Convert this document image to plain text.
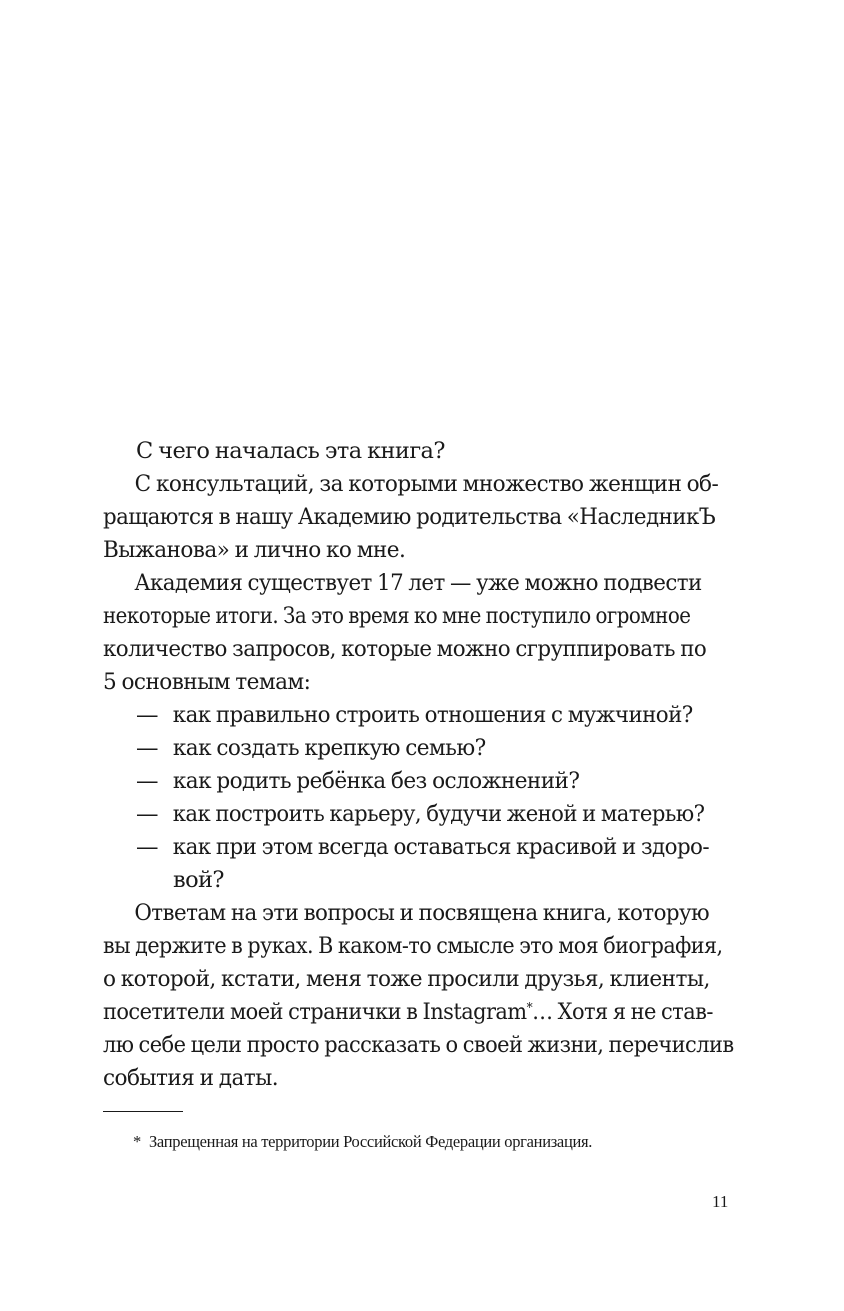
С чего началась эта книга?
С консультаций, за которыми множество женщин об-
ращаются в нашу Академию родительства «НаследникЪ
Выжанова» и лично ко мне.
Академия существует 17 лет — уже можно подвести
некоторые итоги. За это время ко мне поступило огромное
количество запросов, которые можно сгруппировать по
5 основным темам:
— как правильно строить отношения с мужчиной?
— как создать крепкую семью?
— как родить ребёнка без осложнений?
— как построить карьеру, будучи женой и матерью?
— как при этом всегда оставаться красивой и здоро-
вой?
Ответам на эти вопросы и посвящена книга, которую
вы держите в руках. В каком-то смысле это моя биография,
о которой, кстати, меня тоже просили друзья, клиенты,
посетители моей странички в Instagram*… Хотя я не став-
лю себе цели просто рассказать о своей жизни, перечислив
события и даты.
* Запрещенная на территории Российской Федерации организация.
11
